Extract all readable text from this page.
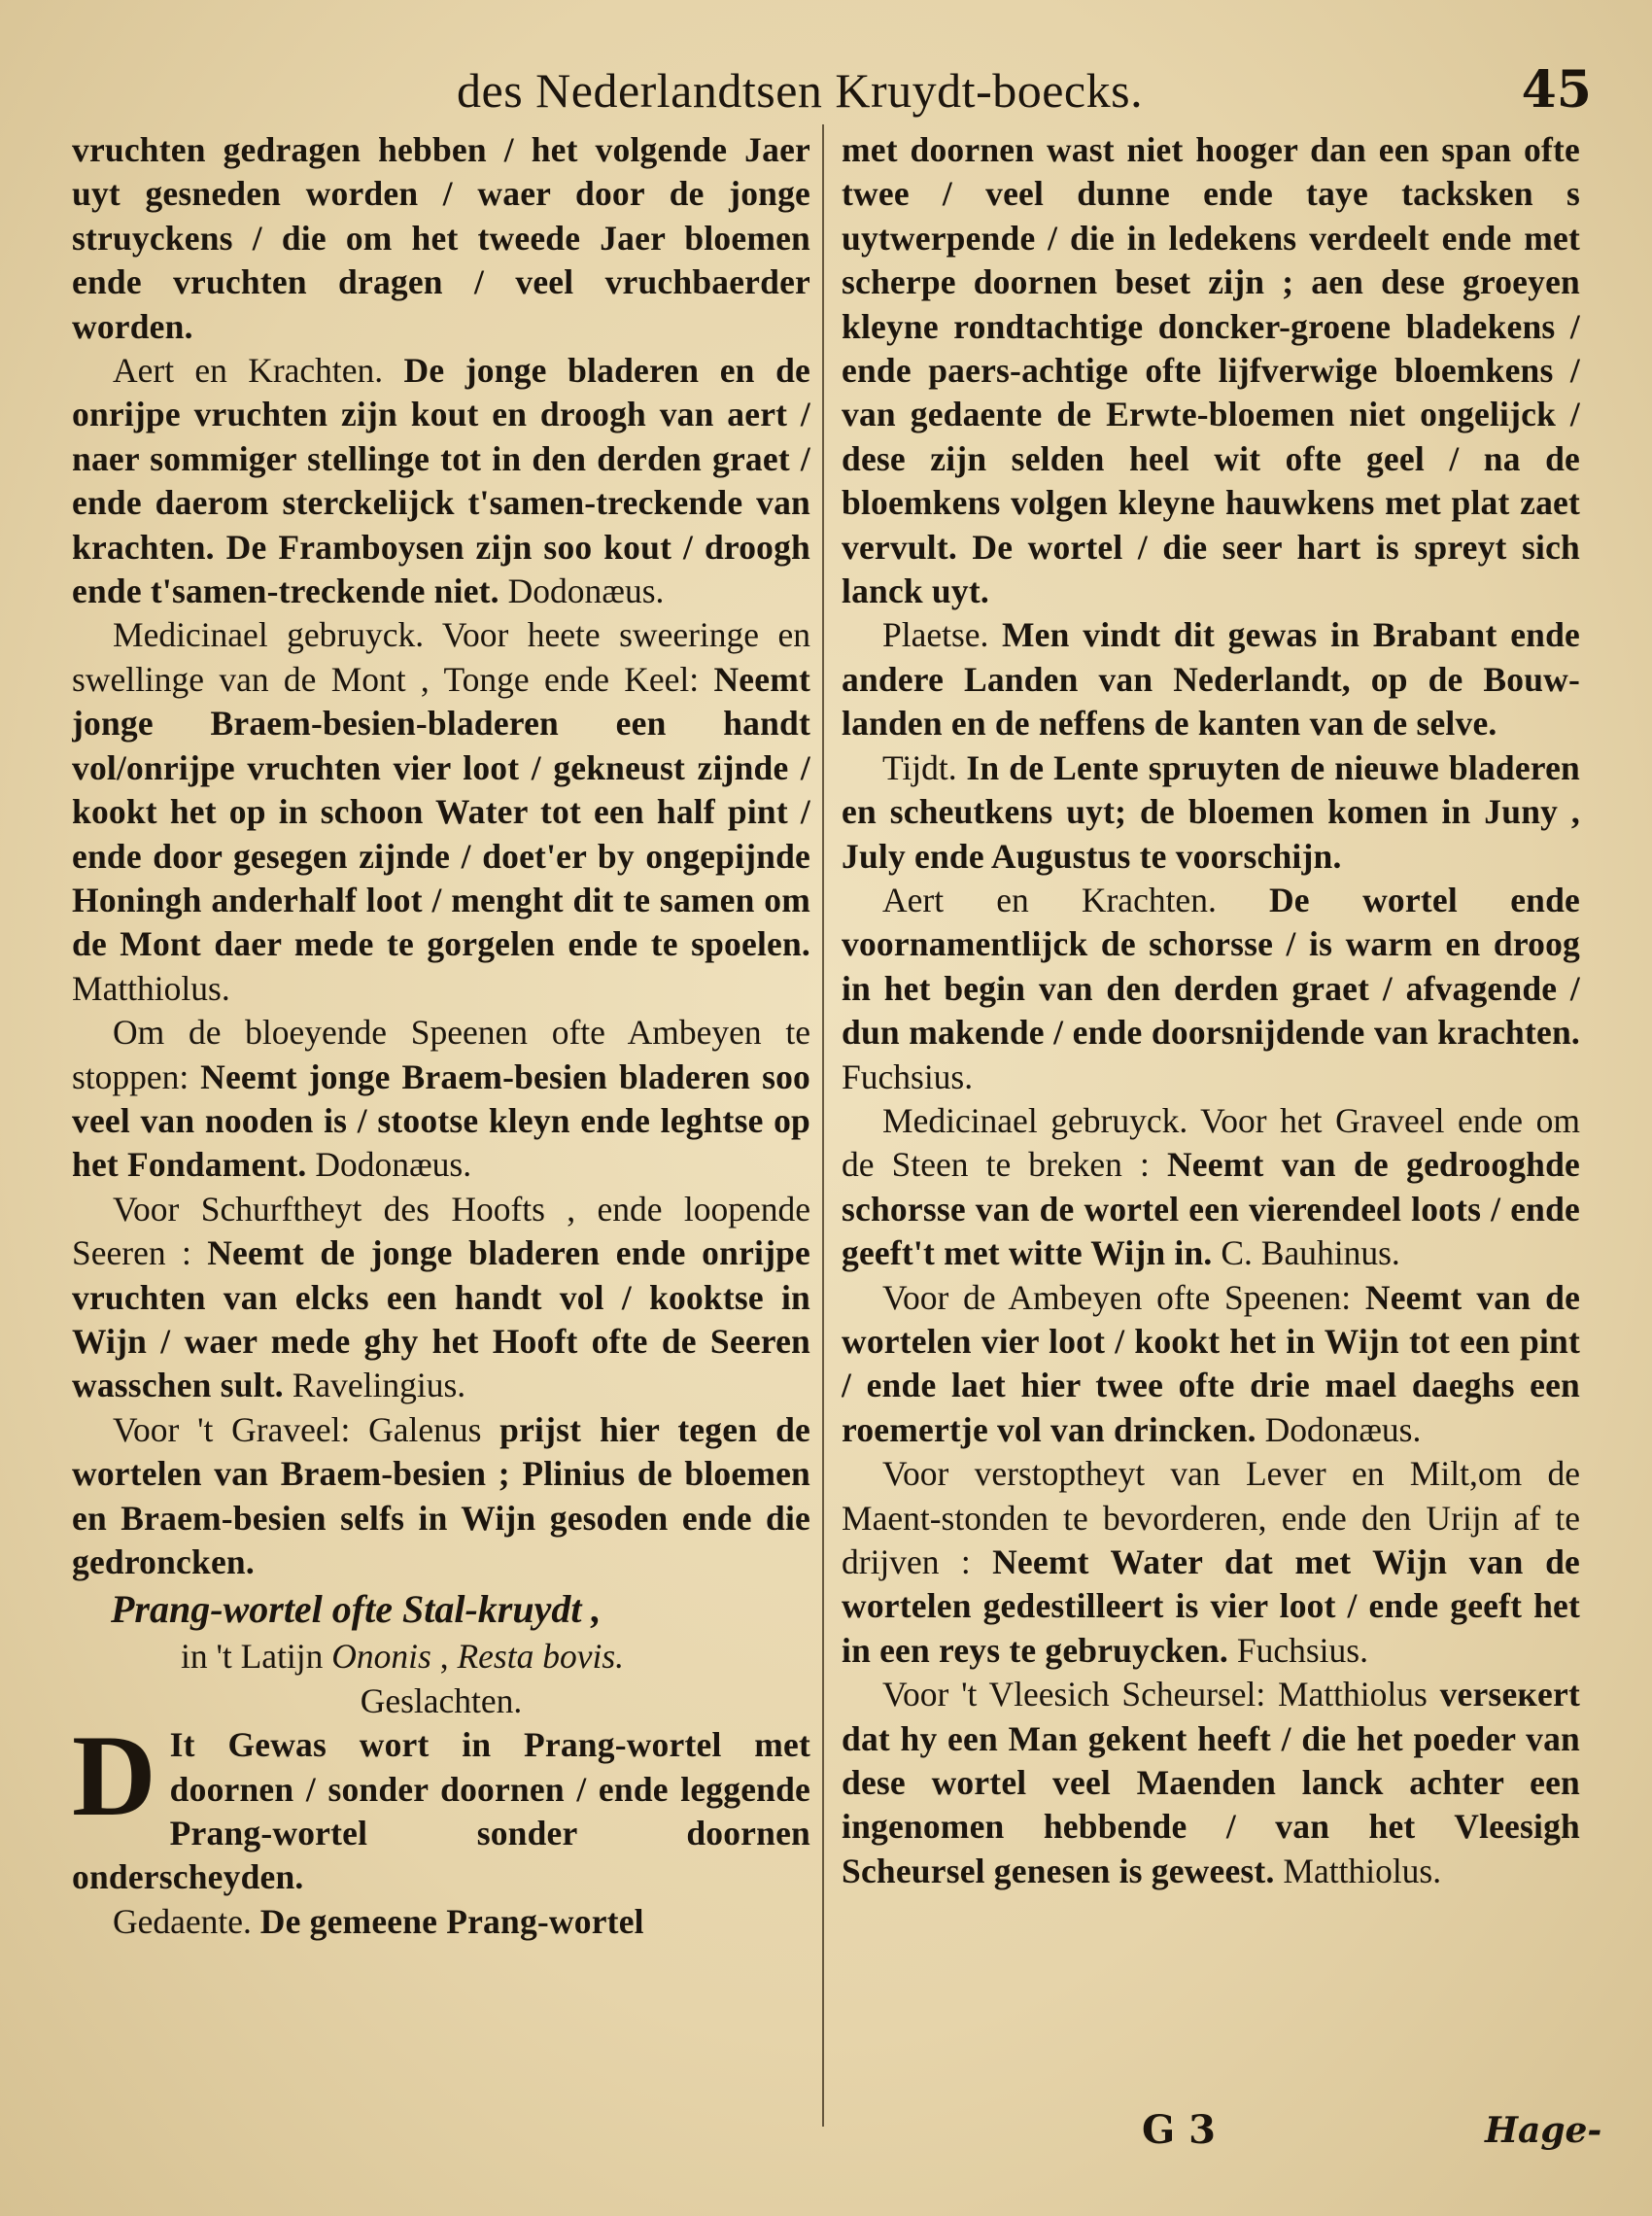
des Nederlandtsen Kruydt-boecks.	45

vruchten gedragen hebben / het volgende Jaer uyt gesneden worden / waer door de jonge struyckens / die om het tweede Jaer bloemen ende vruchten dragen / veel vruchbaerder worden.

Aert en Krachten. De jonge bladeren en de onrijpe vruchten zijn kout en droogh van aert / naer sommiger stellinge tot in den derden graet / ende daerom sterckelijck t'samen-treckende van krachten. De Framboysen zijn soo kout / droogh ende t'samen-treckende niet. Dodonæus.

Medicinael gebruyck. Voor heete sweeringe en swellinge van de Mont , Tonge ende Keel: Neemt jonge Braem-besien-bladeren een handt vol/onrijpe vruchten vier loot / gekneust zijnde / kookt het op in schoon Water tot een half pint / ende door gesegen zijnde / doet'er by ongepijnde Honingh anderhalf loot / menght dit te samen om de Mont daer mede te gorgelen ende te spoelen. Matthiolus.

Om de bloeyende Speenen ofte Ambeyen te stoppen: Neemt jonge Braem-besien bladeren soo veel van nooden is / stootse kleyn ende leghtse op het Fondament. Dodonæus.

Voor Schurftheyt des Hoofts , ende loopende Seeren : Neemt de jonge bladeren ende onrijpe vruchten van elcks een handt vol / kooktse in Wijn / waer mede ghy het Hooft ofte de Seeren wasschen sult. Ravelingius.

Voor 't Graveel: Galenus prijst hier tegen de wortelen van Braem-besien ; Plinius de bloemen en Braem-besien selfs in Wijn gesoden ende die gedroncken.

Prang-wortel ofte Stal-kruydt ,

in 't Latijn Ononis , Resta bovis.

Geslachten.

D It Gewas wort in Prang-wortel met doornen / sonder doornen / ende leggende Prang-wortel sonder doornen onderscheyden.

Gedaente. De gemeene Prang-wortel

met doornen wast niet hooger dan een span ofte twee / veel dunne ende taye tacksken s uytwerpende / die in ledekens verdeelt ende met scherpe doornen beset zijn ; aen dese groeyen kleyne rondtachtige doncker-groene bladekens / ende paers-achtige ofte lijfverwige bloemkens / van gedaente de Erwte-bloemen niet ongelijck / dese zijn selden heel wit ofte geel / na de bloemkens volgen kleyne hauwkens met plat zaet vervult. De wortel / die seer hart is spreyt sich lanck uyt.

Plaetse. Men vindt dit gewas in Brabant ende andere Landen van Nederlandt, op de Bouw-landen en de neffens de kanten van de selve.

Tijdt. In de Lente spruyten de nieuwe bladeren en scheutkens uyt; de bloemen komen in Juny , July ende Augustus te voorschijn.

Aert en Krachten. De wortel ende voornamentlijck de schorsse / is warm en droog in het begin van den derden graet / afvagende / dun makende / ende doorsnijdende van krachten. Fuchsius.

Medicinael gebruyck. Voor het Graveel ende om de Steen te breken : Neemt van de gedrooghde schorsse van de wortel een vierendeel loots / ende geeft't met witte Wijn in. C. Bauhinus.

Voor de Ambeyen ofte Speenen: Neemt van de wortelen vier loot / kookt het in Wijn tot een pint / ende laet hier twee ofte drie mael daeghs een roemertje vol van drincken. Dodonæus.

Voor verstoptheyt van Lever en Milt,om de Maent-stonden te bevorderen, ende den Urijn af te drijven : Neemt Water dat met Wijn van de wortelen gedestilleert is vier loot / ende geeft het in een reys te gebruycken. Fuchsius.

Voor 't Vleesich Scheursel: Matthiolus verseкert dat hy een Man gekent heeft / die het poeder van dese wortel veel Maenden lanck achter een ingenomen hebbende / van het Vleesigh Scheursel genesen is geweest. Matthiolus.

G 3	Hage-
